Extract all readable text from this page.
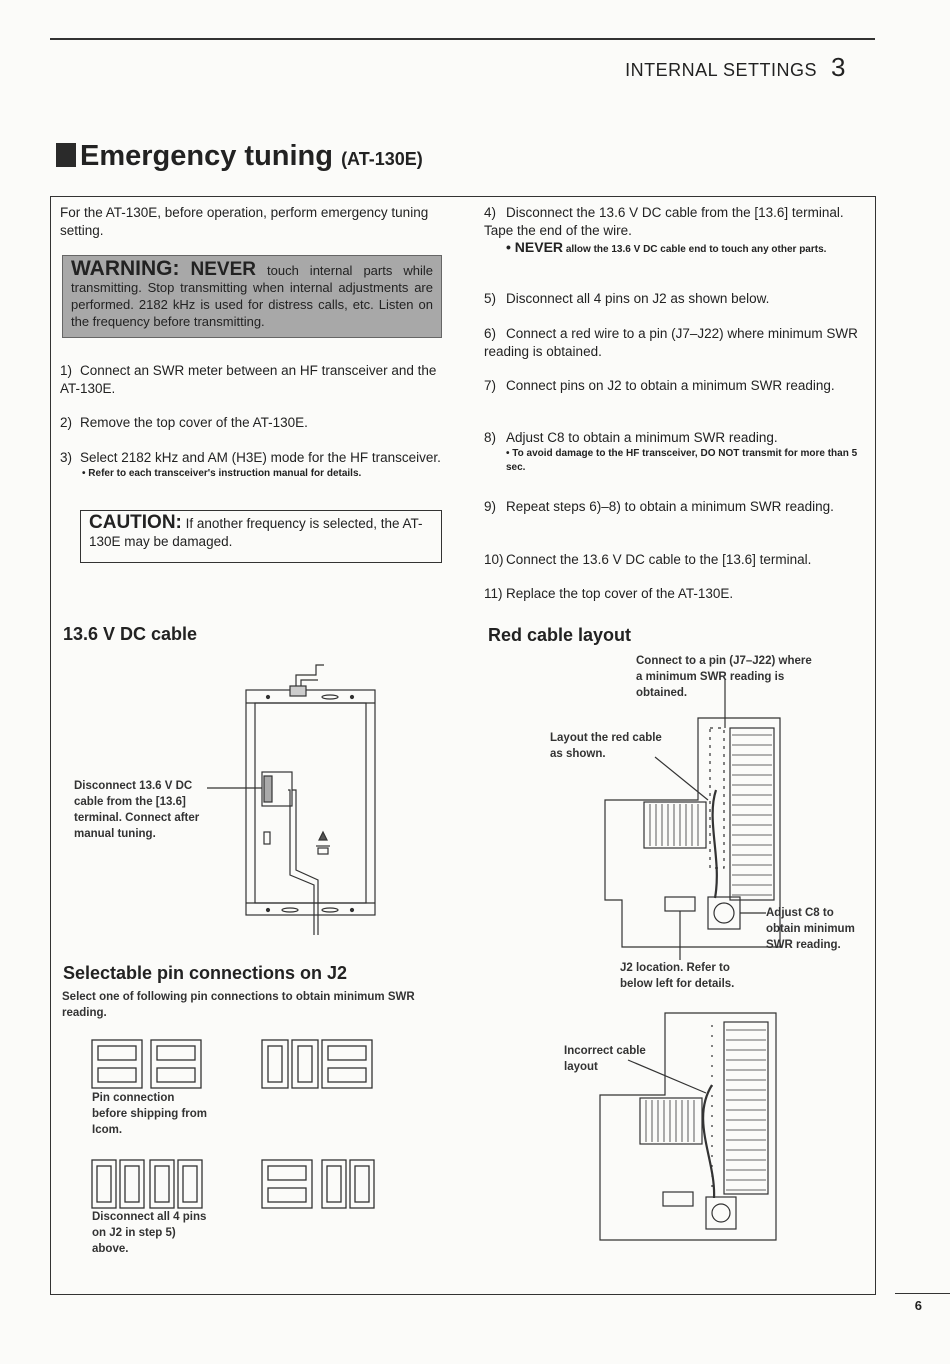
INTERNAL SETTINGS 3
Emergency tuning (AT-130E)
For the AT-130E, before operation, perform emergency tuning setting.
WARNING: NEVER touch internal parts while transmitting. Stop transmitting when internal adjustments are performed. 2182 kHz is used for distress calls, etc. Listen on the frequency before transmitting.
1) Connect an SWR meter between an HF transceiver and the AT-130E.
2) Remove the top cover of the AT-130E.
3) Select 2182 kHz and AM (H3E) mode for the HF transceiver.
• Refer to each transceiver's instruction manual for details.
CAUTION: If another frequency is selected, the AT-130E may be damaged.
4) Disconnect the 13.6 V DC cable from the [13.6] terminal. Tape the end of the wire.
• NEVER allow the 13.6 V DC cable end to touch any other parts.
5) Disconnect all 4 pins on J2 as shown below.
6) Connect a red wire to a pin (J7–J22) where minimum SWR reading is obtained.
7) Connect pins on J2 to obtain a minimum SWR reading.
8) Adjust C8 to obtain a minimum SWR reading.
• To avoid damage to the HF transceiver, DO NOT transmit for more than 5 sec.
9) Repeat steps 6)–8) to obtain a minimum SWR reading.
10) Connect the 13.6 V DC cable to the [13.6] terminal.
11) Replace the top cover of the AT-130E.
13.6 V DC cable
Disconnect 13.6 V DC cable from the [13.6] terminal. Connect after manual tuning.
Selectable pin connections on J2
Select one of following pin connections to obtain minimum SWR reading.
Pin connection before shipping from Icom.
Disconnect all 4 pins on J2 in step 5) above.
Red cable layout
Connect to a pin (J7–J22) where a minimum SWR reading is obtained.
Layout the red cable as shown.
Adjust C8 to obtain minimum SWR reading.
J2 location. Refer to below left for details.
Incorrect cable layout
6
